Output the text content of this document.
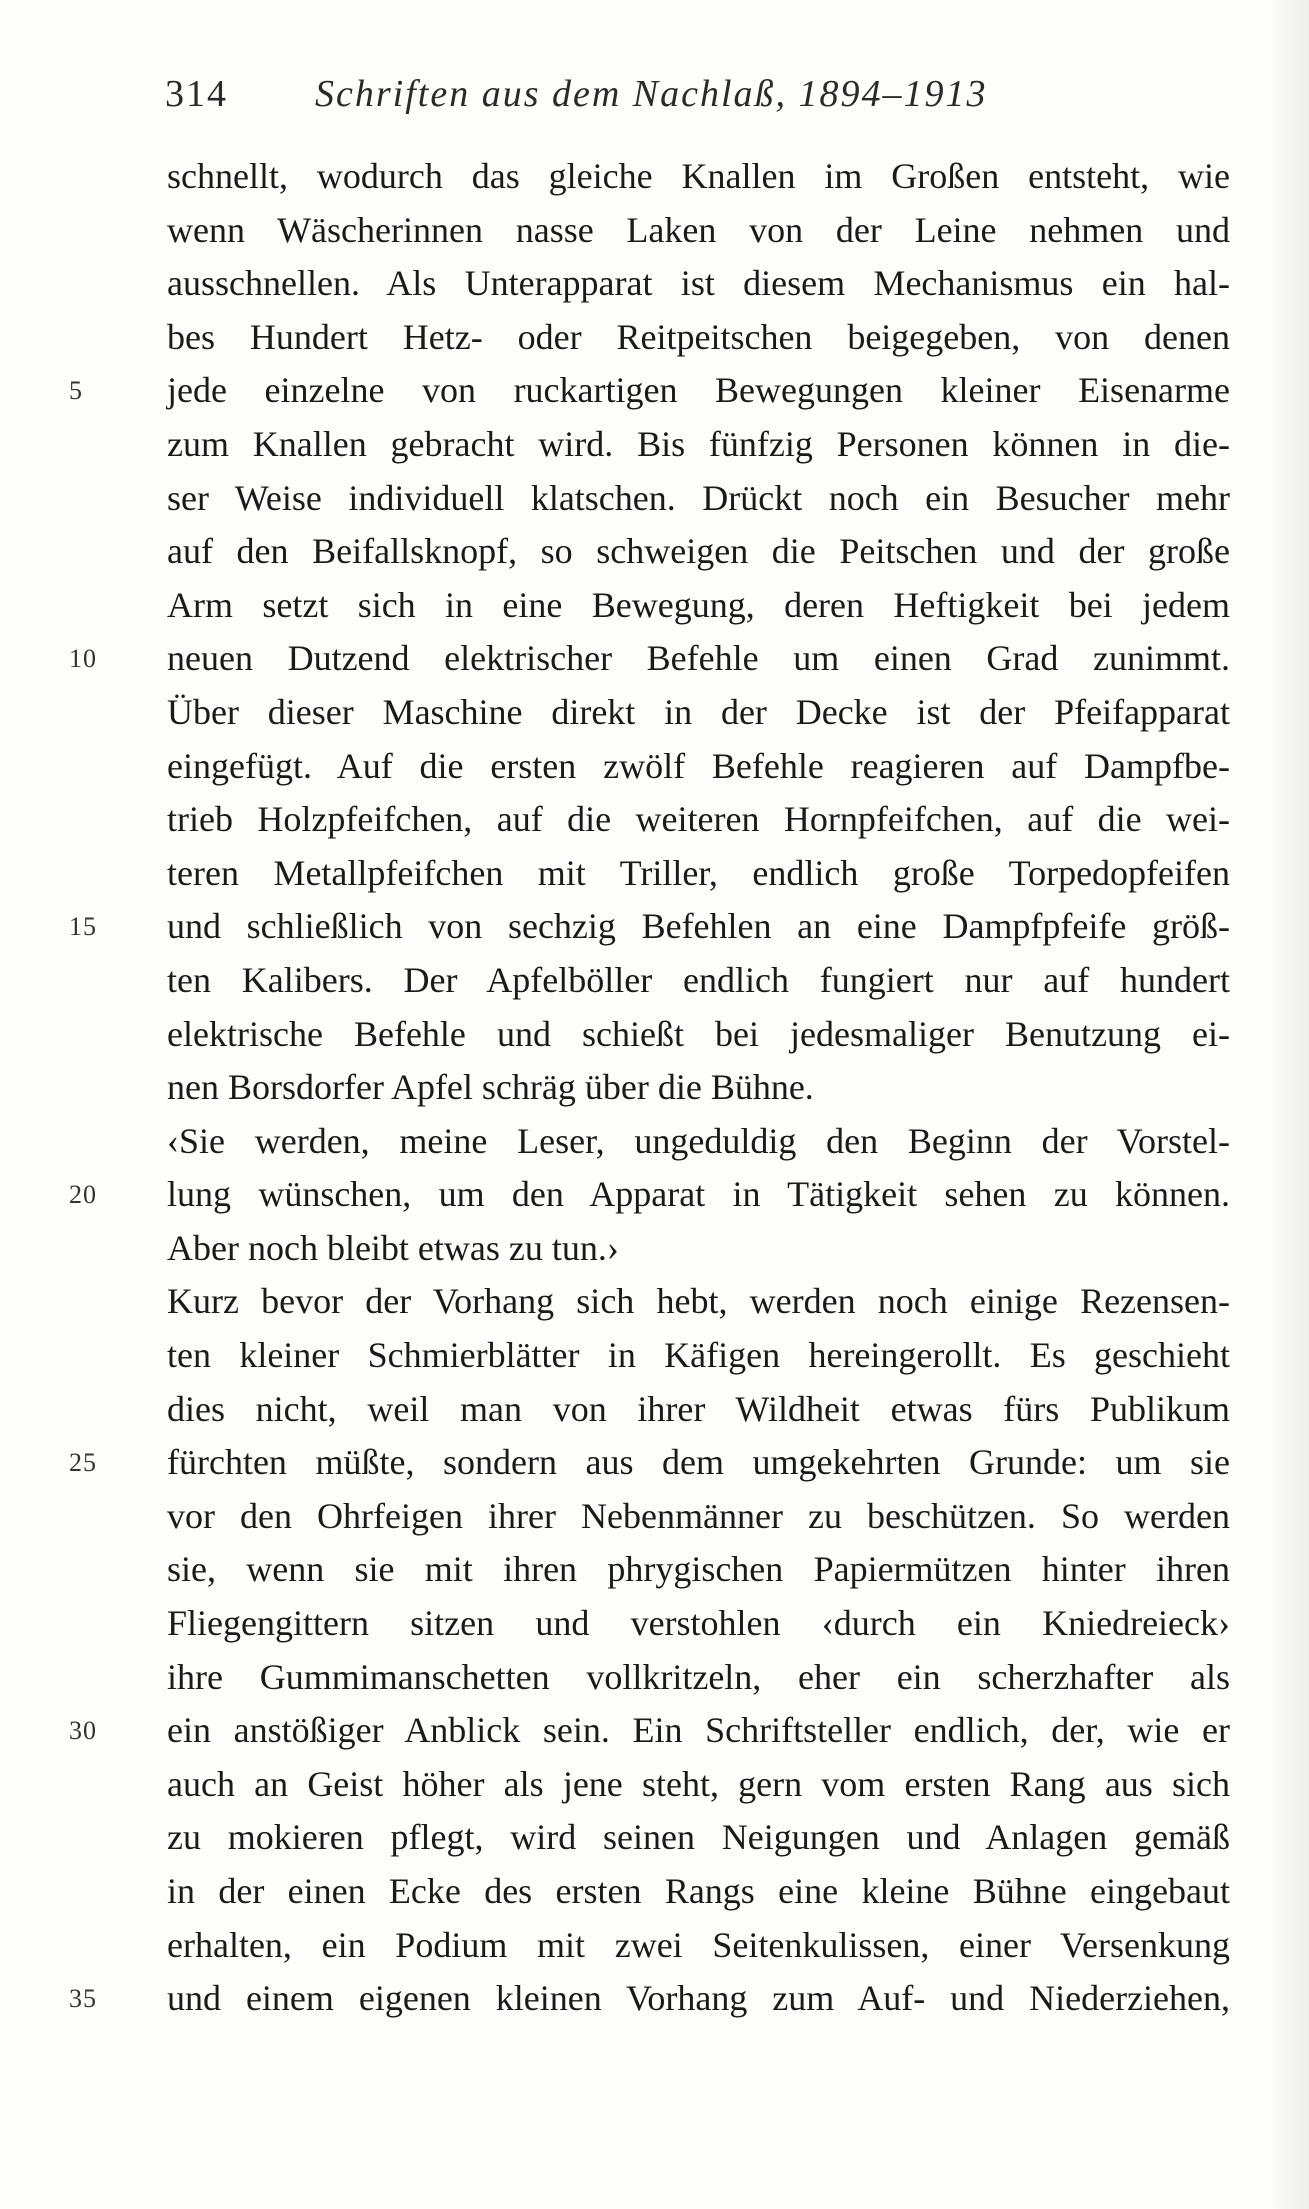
314 Schriften aus dem Nachlaß, 1894–1913
schnellt, wodurch das gleiche Knallen im Großen entsteht, wie
wenn Wäscherinnen nasse Laken von der Leine nehmen und
ausschnellen. Als Unterapparat ist diesem Mechanismus ein hal-
bes Hundert Hetz- oder Reitpeitschen beigegeben, von denen
5	jede einzelne von ruckartigen Bewegungen kleiner Eisenarme
zum Knallen gebracht wird. Bis fünfzig Personen können in die-
ser Weise individuell klatschen. Drückt noch ein Besucher mehr
auf den Beifallsknopf, so schweigen die Peitschen und der große
Arm setzt sich in eine Bewegung, deren Heftigkeit bei jedem
10	neuen Dutzend elektrischer Befehle um einen Grad zunimmt.
Über dieser Maschine direkt in der Decke ist der Pfeifapparat
eingefügt. Auf die ersten zwölf Befehle reagieren auf Dampfbe-
trieb Holzpfeifchen, auf die weiteren Hornpfeifchen, auf die wei-
teren Metallpfeifchen mit Triller, endlich große Torpedopfeifen
15	und schließlich von sechzig Befehlen an eine Dampfpfeife größ-
ten Kalibers. Der Apfelböller endlich fungiert nur auf hundert
elektrische Befehle und schießt bei jedesmaliger Benutzung ei-
nen Borsdorfer Apfel schräg über die Bühne.
‹Sie werden, meine Leser, ungeduldig den Beginn der Vorstel-
20	lung wünschen, um den Apparat in Tätigkeit sehen zu können.
Aber noch bleibt etwas zu tun.›
Kurz bevor der Vorhang sich hebt, werden noch einige Rezensen-
ten kleiner Schmierblätter in Käfigen hereingerollt. Es geschieht
dies nicht, weil man von ihrer Wildheit etwas fürs Publikum
25	fürchten müßte, sondern aus dem umgekehrten Grunde: um sie
vor den Ohrfeigen ihrer Nebenmänner zu beschützen. So werden
sie, wenn sie mit ihren phrygischen Papiermützen hinter ihren
Fliegengittern sitzen und verstohlen ‹durch ein Kniedreieck›
ihre Gummimanschetten vollkritzeln, eher ein scherzhafter als
30	ein anstößiger Anblick sein. Ein Schriftsteller endlich, der, wie er
auch an Geist höher als jene steht, gern vom ersten Rang aus sich
zu mokieren pflegt, wird seinen Neigungen und Anlagen gemäß
in der einen Ecke des ersten Rangs eine kleine Bühne eingebaut
erhalten, ein Podium mit zwei Seitenkulissen, einer Versenkung
35	und einem eigenen kleinen Vorhang zum Auf- und Niederziehen,
